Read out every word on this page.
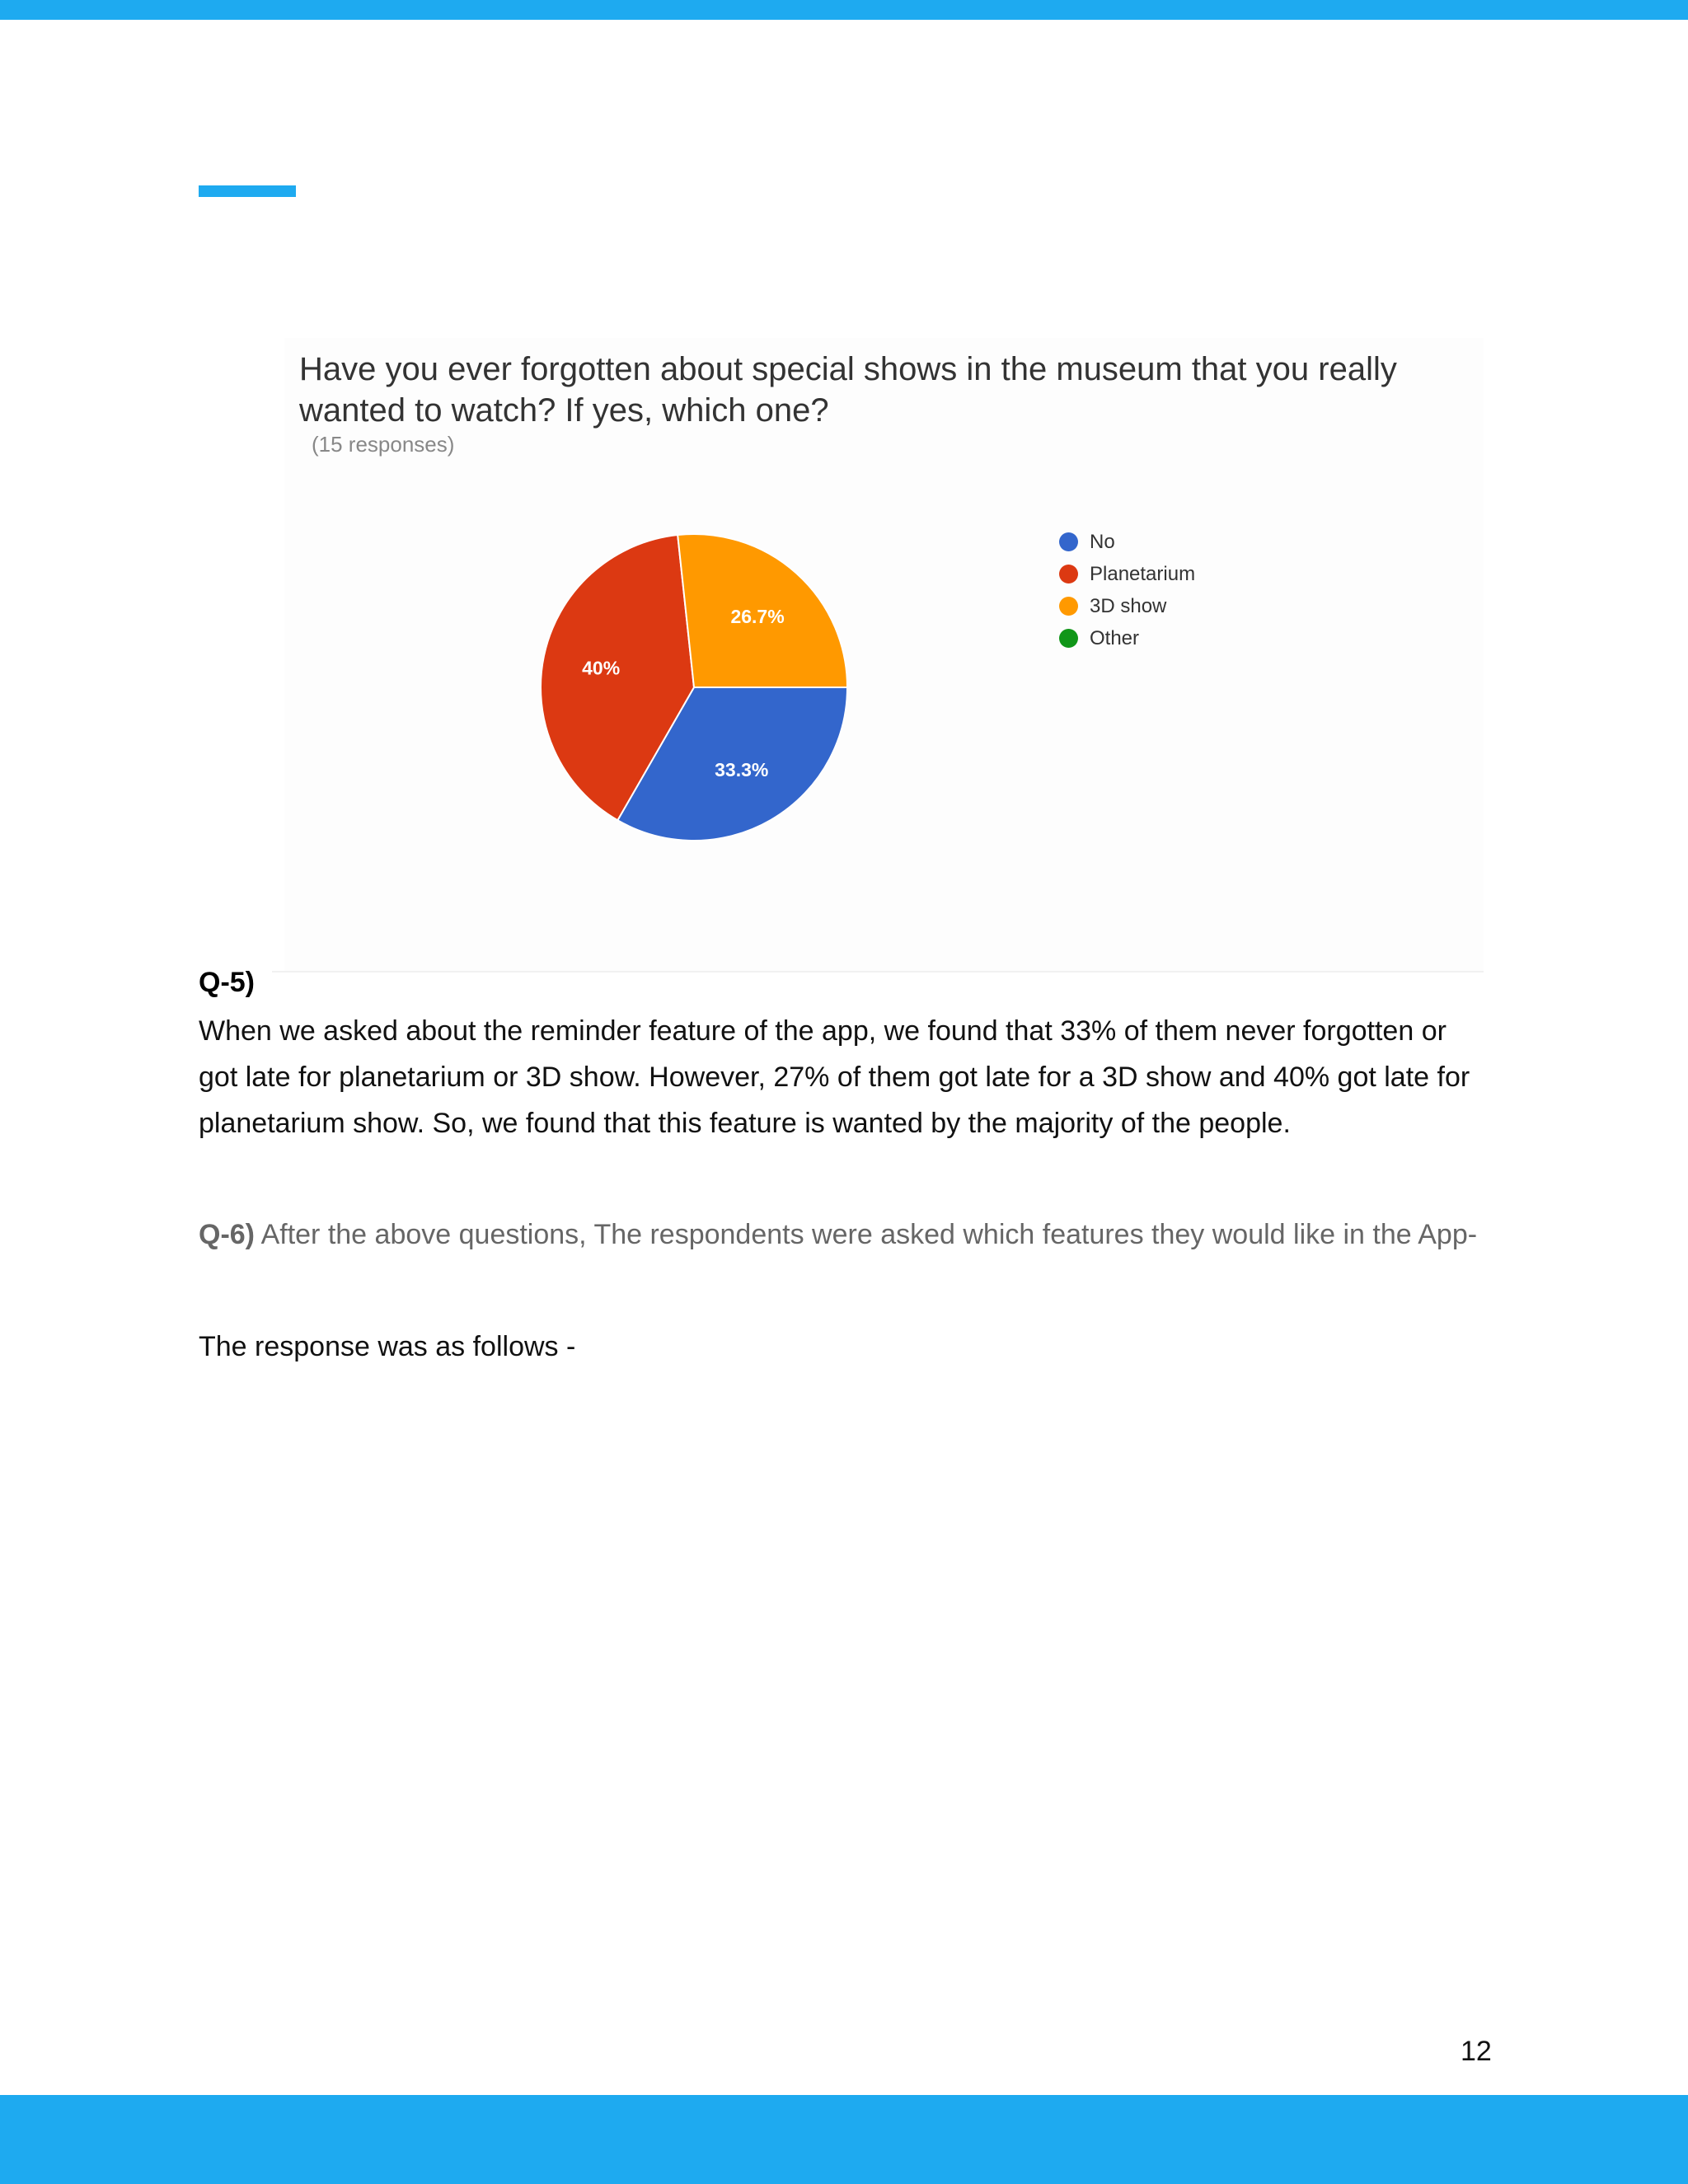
Have you ever forgotten about special shows in the museum that you really wanted to watch? If yes, which one?
(15 responses)
33.3%
40%
26.7%
No
Planetarium
3D show
Other
Q-5)
When we asked about the reminder feature of the app, we found that 33% of them never forgotten or got late for planetarium or 3D show. However, 27% of them got late for a 3D show and 40% got late for planetarium show. So, we found that this feature is wanted by the majority of the people.
Q-6) After the above questions, The respondents were asked which features they would like in the App-
The response was as follows -
12
